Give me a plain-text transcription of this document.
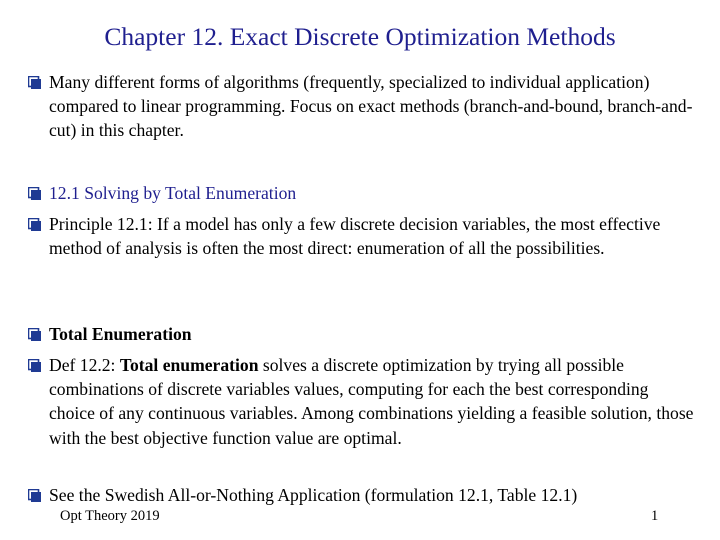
Chapter 12. Exact Discrete Optimization Methods
Many different forms of algorithms (frequently, specialized to individual application) compared to linear programming. Focus on exact methods (branch-and-bound, branch-and-cut) in this chapter.
12.1 Solving by Total Enumeration
Principle 12.1: If a model has only a few discrete decision variables, the most effective method of analysis is often the most direct: enumeration of all the possibilities.
Total Enumeration
Def 12.2: Total enumeration solves a discrete optimization by trying all possible combinations of discrete variables values, computing for each the best corresponding choice of any continuous variables. Among combinations yielding a feasible solution, those with the best objective function value are optimal.
See the Swedish All-or-Nothing Application (formulation 12.1, Table 12.1)
Opt Theory 2019	1
